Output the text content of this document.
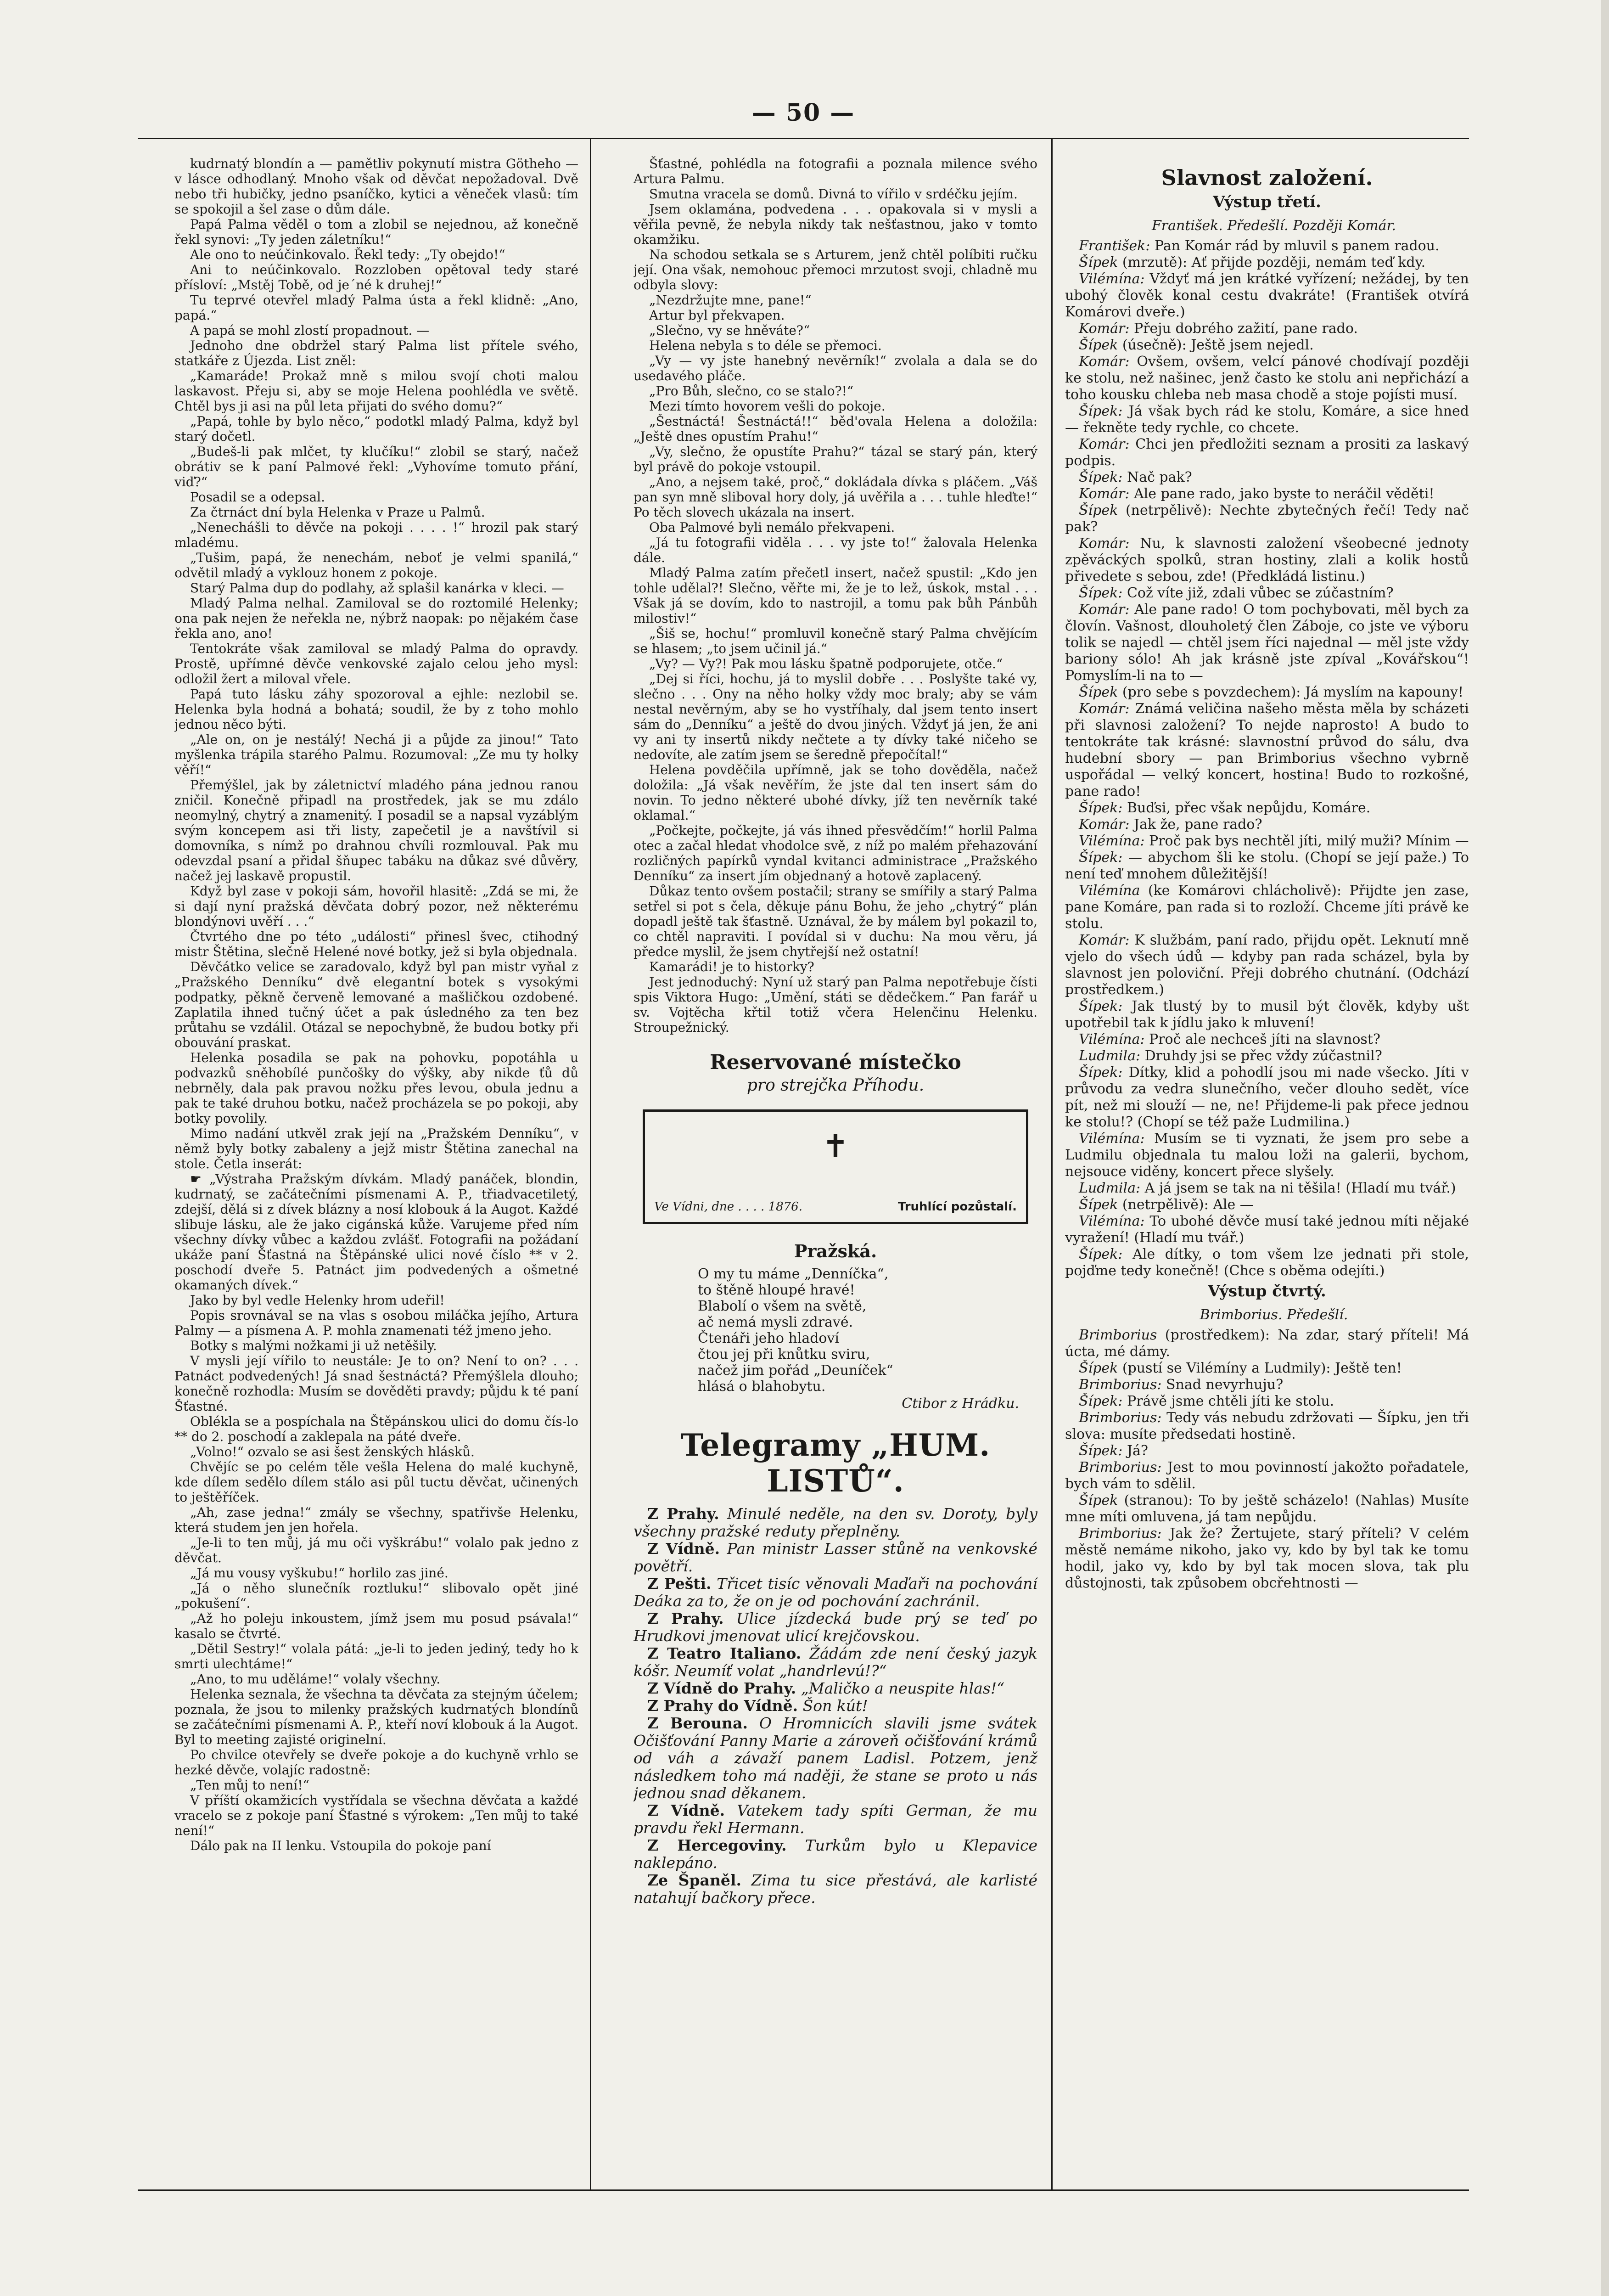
— 50 —

kudrnatý blondín a — pamětliv pokynutí mistra Götheho — v lásce odhodlaný. Mnoho však od děvčat nepožadoval. Dvě nebo tři hubičky, jedno psaníčko, kytici a věneček vlasů: tím se spokojil a šel zase o dům dále.

Papá Palma věděl o tom a zlobil se nejednou, až konečně řekl synovi: „Ty jeden záletníku!“

Ale ono to neúčinkovalo. Řekl tedy: „Ty obejdo!“

Ani to neúčinkovalo. Rozzloben opětoval tedy staré přísloví: „Mstěj Tobě, od je´né k druhej!“

Tu teprvé otevřel mladý Palma ústa a řekl klidně: „Ano, papá.“

A papá se mohl zlostí propadnout. —

Jednoho dne obdržel starý Palma list přítele svého, statkáře z Újezda. List zněl:

„Kamaráde! Prokaž mně s milou svojí choti malou laskavost. Přeju si, aby se moje Helena poohlédla ve světě. Chtěl bys ji asi na půl leta přijati do svého domu?“

„Papá, tohle by bylo něco,“ podotkl mladý Palma, když byl starý dočetl.

„Budeš-li pak mlčet, ty klučíku!“ zlobil se starý, načež obrátiv se k paní Palmové řekl: „Vyhovíme tomuto přání, viď?“

Posadil se a odepsal.

Za čtrnáct dní byla Helenka v Praze u Palmů.

„Nenechášli to děvče na pokoji . . . . !“ hrozil pak starý mladému.

„Tušim, papá, že nenechám, neboť je velmi spanilá,“ odvětil mladý a vyklouz honem z pokoje.

Starý Palma dup do podlahy, až splašil kanárka v kleci. —

Mladý Palma nelhal. Zamiloval se do roztomilé Helenky; ona pak nejen že neřekla ne, nýbrž naopak: po nějakém čase řekla ano, ano!

Tentokráte však zamiloval se mladý Palma do opravdy. Prostě, upřímné děvče venkovské zajalo celou jeho mysl: odložil žert a miloval vřele.

Papá tuto lásku záhy spozoroval a ejhle: nezlobil se. Helenka byla hodná a bohatá; soudil, že by z toho mohlo jednou něco býti.

„Ale on, on je nestálý! Nechá ji a půjde za jinou!“ Tato myšlenka trápila starého Palmu. Rozumoval: „Ze mu ty holky věří!“

Přemýšlel, jak by záletnictví mladého pána jednou ranou zničil. Konečně připadl na prostředek, jak se mu zdálo neomylný, chytrý a znamenitý. I posadil se a napsal vyzáblým svým koncepem asi tři listy, zapečetil je a navštívil si domovníka, s nímž po drahnou chvíli rozmlouval. Pak mu odevzdal psaní a přidal šňupec tabáku na důkaz své důvěry, načež jej laskavě propustil.

Když byl zase v pokoji sám, hovořil hlasitě: „Zdá se mi, že si dají nyní pražská děvčata dobrý pozor, než některému blondýnovi uvěří . . .“

Čtvrtého dne po této „události“ přinesl švec, ctihodný mistr Štětina, slečně Helené nové botky, jež si byla objednala.

Děvčátko velice se zaradovalo, když byl pan mistr vyňal z „Pražského Denníku“ dvě elegantní botek s vysokými podpatky, pěkně červeně lemované a mašličkou ozdobené. Zaplatila ihned tučný účet a pak úsledného za ten bez průtahu se vzdálil. Otázal se nepochybně, že budou botky při obouvání praskat.

Helenka posadila se pak na pohovku, popotáhla u podvazků sněhobílé punčošky do výšky, aby nikde ťů dů nebrněly, dala pak pravou nožku přes levou, obula jednu a pak te také druhou botku, načež procházela se po pokoji, aby botky povolily.

Mimo nadání utkvěl zrak její na „Pražském Denníku“, v němž byly botky zabaleny a jejž mistr Štětina zanechal na stole. Četla inserát:

☛ „Výstraha Pražským dívkám. Mladý panáček, blondin, kudrnatý, se začátečními písmenami A. P., třiadvacetiletý, zdejší, dělá si z dívek blázny a nosí klobouk á la Augot. Každé slibuje lásku, ale že jako cigánská kůže. Varujeme před ním všechny dívky vůbec a každou zvlášť. Fotografii na požádaní ukáže paní Šťastná na Štěpánské ulici nové číslo ** v 2. poschodí dveře 5. Patnáct jim podvedených a ošmetné okamaných dívek.“

Jako by byl vedle Helenky hrom udeřil!

Popis srovnával se na vlas s osobou miláčka jejího, Artura Palmy — a písmena A. P. mohla znamenati též jmeno jeho.

Botky s malými nožkami ji už netěšily.

V mysli její vířilo to neustále: Je to on? Není to on? . . . Patnáct podvedených! Já snad šestnáctá? Přemýšlela dlouho; konečně rozhodla: Musím se dověděti pravdy; půjdu k té paní Šťastné.

Oblékla se a pospíchala na Štěpánskou ulici do domu čís-lo ** do 2. poschodí a zaklepala na páté dveře.

„Volno!“ ozvalo se asi šest ženských hlásků.

Chvějíc se po celém těle vešla Helena do malé kuchyně, kde dílem sedělo dílem stálo asi půl tuctu děvčat, učinených to ještěříček.

„Ah, zase jedna!“ zmály se všechny, spatřivše Helenku, která studem jen jen hořela.

„Je-li to ten můj, já mu oči vyškrábu!“ volalo pak jedno z děvčat.

„Já mu vousy vyškubu!“ horlilo zas jiné.

„Já o něho slunečník roztluku!“ slibovalo opět jiné „pokušení“.

„Až ho poleju inkoustem, jímž jsem mu posud psávala!“ kasalo se čtvrté.

„Dětil Sestry!“ volala pátá: „je-li to jeden jediný, tedy ho k smrti ulechtáme!“

„Ano, to mu uděláme!“ volaly všechny.

Helenka seznala, že všechna ta děvčata za stejným účelem; poznala, že jsou to milenky pražských kudrnatých blondínů se začátečními písmenami A. P., kteří noví klobouk á la Augot. Byl to meeting zajisté originelní.

Po chvilce otevřely se dveře pokoje a do kuchyně vrhlo se hezké děvče, volajíc radostně:

„Ten můj to není!“

V příští okamžicích vystřídala se všechna děvčata a každé vracelo se z pokoje paní Šťastné s výrokem: „Ten můj to také není!“

Dálo pak na II lenku. Vstoupila do pokoje paní

Šťastné, pohlédla na fotografii a poznala milence svého Artura Palmu.

Smutna vracela se domů. Divná to vířilo v srdéčku jejím.

Jsem oklamána, podvedena . . . opakovala si v mysli a věřila pevně, že nebyla nikdy tak nešťastnou, jako v tomto okamžiku.

Na schodou setkala se s Arturem, jenž chtěl políbiti ručku její. Ona však, nemohouc přemoci mrzutost svoji, chladně mu odbyla slovy:

„Nezdržujte mne, pane!“

Artur byl překvapen.

„Slečno, vy se hněváte?“

Helena nebyla s to déle se přemoci.

„Vy — vy jste hanebný nevěrník!“ zvolala a dala se do usedavého pláče.

„Pro Bůh, slečno, co se stalo?!“

Mezi tímto hovorem vešli do pokoje.

„Šestnáctá! Šestnáctá!!“ běd'ovala Helena a doložila: „Ještě dnes opustím Prahu!“

„Vy, slečno, že opustíte Prahu?“ tázal se starý pán, který byl právě do pokoje vstoupil.

„Ano, a nejsem také, proč,“ dokládala dívka s pláčem. „Váš pan syn mně sliboval hory doly, já uvěřila a . . . tuhle hleďte!“ Po těch slovech ukázala na insert.

Oba Palmové byli nemálo překvapeni.

„Já tu fotografii viděla . . . vy jste to!“ žalovala Helenka dále.

Mladý Palma zatím přečetl insert, načež spustil: „Kdo jen tohle udělal?! Slečno, věřte mi, že je to lež, úskok, mstal . . . Však já se dovím, kdo to nastrojil, a tomu pak bůh Pánbůh milostiv!“

„Šiš se, hochu!“ promluvil konečně starý Palma chvějícím se hlasem; „to jsem učinil já.“

„Vy? — Vy?! Pak mou lásku špatně podporujete, otče.“

„Dej si říci, hochu, já to myslil dobře . . . Poslyšte také vy, slečno . . . Ony na něho holky vždy moc braly; aby se vám nestal nevěrným, aby se ho vystříhaly, dal jsem tento insert sám do „Denníku“ a ještě do dvou jiných. Vždyť já jen, že ani vy ani ty insertů nikdy nečtete a ty dívky také ničeho se nedovíte, ale zatím jsem se šeredně přepočítal!“

Helena povděčila upřímně, jak se toho dověděla, načež doložila: „Já však nevěřím, že jste dal ten insert sám do novin. To jedno některé ubohé dívky, jíž ten nevěrník také oklamal.“

„Počkejte, počkejte, já vás ihned přesvědčím!“ horlil Palma otec a začal hledat vhodolce svě, z níž po malém přehazování rozličných papírků vyndal kvitanci administrace „Pražského Denníku“ za insert jím objednaný a hotově zaplacený.

Důkaz tento ovšem postačil; strany se smířily a starý Palma setřel si pot s čela, děkuje pánu Bohu, že jeho „chytrý“ plán dopadl ještě tak šťastně. Uznával, že by málem byl pokazil to, co chtěl napraviti. I povídal si v duchu: Na mou věru, já předce myslil, že jsem chytřejší než ostatní!

Kamarádi! je to historky?

Jest jednoduchý: Nyní už starý pan Palma nepotřebuje čísti spis Viktora Hugo: „Umění, státi se dědečkem.“ Pan farář u sv. Vojtěcha křtil totiž včera Helenčinu Helenku. Stroupežnický.

Reservované místečko
pro strejčka Příhodu.
✝
Ve Vídni, dne . . . . 1876.	Truhlící pozůstalí.
Pražská.
O my tu máme „Denníčka“,
to štěně hloupé hravé!
Blabolí o všem na světě,
ač nemá mysli zdravé.
Čtenáři jeho hladoví
čtou jej při knůtku sviru,
načež jim pořád „Deuníček“
hlásá o blahobytu.
Ctibor z Hrádku.
Telegramy „HUM. LISTŮ“.

Z Prahy. Minulé neděle, na den sv. Doroty, byly všechny pražské reduty přeplněny.

Z Vídně. Pan ministr Lasser stůně na venkovské povětří.

Z Pešti. Třicet tisíc věnovali Maďaři na pochování Deáka za to, že on je od pochování zachránil.

Z Prahy. Ulice jízdecká bude prý se teď po Hrudkovi jmenovat ulicí krejčovskou.

Z Teatro Italiano. Žádám zde není český jazyk kóšr. Neumíť volat „handrlevú!?“

Z Vídně do Prahy. „Maličko a neuspite hlas!“

Z Prahy do Vídně. Šon kút!

Z Berouna. O Hromnicích slavili jsme svátek Očišťování Panny Marie a zároveň očišťování krámů od váh a závaží panem Ladisl. Potzem, jenž následkem toho má naději, že stane se proto u nás jednou snad děkanem.

Z Vídně. Vatekem tady spíti German, že mu pravdu řekl Hermann.

Z Hercegoviny. Turkům bylo u Klepavice naklepáno.

Ze Španěl. Zima tu sice přestává, ale karlisté natahují bačkory přece.

Slavnost založení.
Výstup třetí.

František. Předešlí. Později Komár.

František: Pan Komár rád by mluvil s panem radou.

Šípek (mrzutě): Ať přijde později, nemám teď kdy.

Vilémína: Vždyť má jen krátké vyřízení; nežádej, by ten ubohý člověk konal cestu dvakráte! (František otvírá Komárovi dveře.)

Komár: Přeju dobrého zažití, pane rado.

Šípek (úsečně): Ještě jsem nejedl.

Komár: Ovšem, ovšem, velcí pánové chodívají později ke stolu, než našinec, jenž často ke stolu ani nepřichází a toho kousku chleba neb masa chodě a stoje pojísti musí.

Šípek: Já však bych rád ke stolu, Komáre, a sice hned — řekněte tedy rychle, co chcete.

Komár: Chci jen předložiti seznam a prositi za laskavý podpis.

Šípek: Nač pak?

Komár: Ale pane rado, jako byste to neráčil věděti!

Šípek (netrpělivě): Nechte zbytečných řečí! Tedy nač pak?

Komár: Nu, k slavnosti založení všeobecné jednoty zpěváckých spolků, stran hostiny, zlali a kolik hostů přivedete s sebou, zde! (Předkládá listinu.)

Šípek: Což víte již, zdali vůbec se zúčastním?

Komár: Ale pane rado! O tom pochybovati, měl bych za človín. Vašnost, dlouholetý člen Záboje, co jste ve výboru tolik se najedl — chtěl jsem říci najednal — měl jste vždy bariony sólo! Ah jak krásně jste zpíval „Kovářskou“! Pomyslím-li na to —

Šípek (pro sebe s povzdechem): Já myslím na kapouny!

Komár: Známá veličina našeho města měla by scházeti při slavnosi založení? To nejde naprosto! A budo to tentokráte tak krásné: slavnostní průvod do sálu, dva hudební sbory — pan Brimborius všechno vybrně uspořádal — velký koncert, hostina! Budo to rozkošné, pane rado!

Šípek: Buďsi, přec však nepůjdu, Komáre.

Komár: Jak že, pane rado?

Vilémína: Proč pak bys nechtěl jíti, milý muži? Mínim —

Šípek: — abychom šli ke stolu. (Chopí se její paže.) To není teď mnohem důležitější!

Vilémína (ke Komárovi chlácholivě): Přijdte jen zase, pane Komáre, pan rada si to rozloží. Chceme jíti právě ke stolu.

Komár: K službám, paní rado, přijdu opět. Leknutí mně vjelo do všech údů — kdyby pan rada scházel, byla by slavnost jen poloviční. Přeji dobrého chutnání. (Odchází prostředkem.)

Šípek: Jak tlustý by to musil být člověk, kdyby ušt upotřebil tak k jídlu jako k mluvení!

Vilémína: Proč ale nechceš jíti na slavnost?

Ludmila: Druhdy jsi se přec vždy zúčastnil?

Šípek: Dítky, klid a pohodlí jsou mi nade všecko. Jíti v průvodu za vedra slunečního, večer dlouho sedět, více pít, než mi slouží — ne, ne! Přijdeme-li pak přece jednou ke stolu!? (Chopí se též paže Ludmilina.)

Vilémína: Musím se ti vyznati, že jsem pro sebe a Ludmilu objednala tu malou loži na galerii, bychom, nejsouce viděny, koncert přece slyšely.

Ludmila: A já jsem se tak na ni těšila! (Hladí mu tvář.)

Šípek (netrpělivě): Ale —

Vilémína: To ubohé děvče musí také jednou míti nějaké vyražení! (Hladí mu tvář.)

Šípek: Ale dítky, o tom všem lze jednati při stole, pojďme tedy konečně! (Chce s oběma odejíti.)

Výstup čtvrtý.

Brimborius. Předešlí.

Brimborius (prostředkem): Na zdar, starý příteli! Má úcta, mé dámy.

Šípek (pustí se Vilémíny a Ludmily): Ještě ten!

Brimborius: Snad nevyrhuju?

Šípek: Právě jsme chtěli jíti ke stolu.

Brimborius: Tedy vás nebudu zdržovati — Šípku, jen tři slova: musíte předsedati hostině.

Šípek: Já?

Brimborius: Jest to mou povinností jakožto pořadatele, bych vám to sdělil.

Šípek (stranou): To by ještě scházelo! (Nahlas) Musíte mne míti omluvena, já tam nepůjdu.

Brimborius: Jak že? Žertujete, starý příteli? V celém městě nemáme nikoho, jako vy, kdo by byl tak ke tomu hodil, jako vy, kdo by byl tak mocen slova, tak plu důstojnosti, tak způsobem obcřehtnosti —
